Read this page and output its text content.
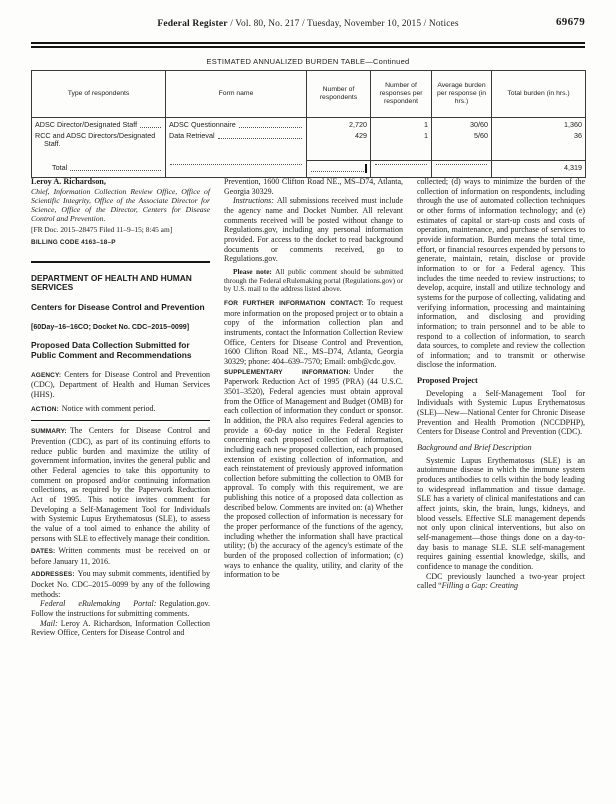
Federal Register / Vol. 80, No. 217 / Tuesday, November 10, 2015 / Notices	69679
ESTIMATED ANNUALIZED BURDEN TABLE—Continued
Type of respondents	Form name	Number of respondents	Number of responses per respondent	Average burden per response (in hrs.)	Total burden (in hrs.)

ADSC Director/Designated Staff	ADSC Questionnaire	2,720	1	30/60	1,360

RCC and ADSC Directors/Designated Staff.	Data Retrieval	429	1	5/60	36

Total					4,319

Leroy A. Richardson,

Chief, Information Collection Review Office, Office of Scientific Integrity, Office of the Associate Director for Science, Office of the Director, Centers for Disease Control and Prevention.

[FR Doc. 2015–28475 Filed 11–9–15; 8:45 am]

BILLING CODE 4163–18–P

DEPARTMENT OF HEALTH AND HUMAN SERVICES

Centers for Disease Control and Prevention

[60Day–16–16CO; Docket No. CDC–2015–0099]

Proposed Data Collection Submitted for Public Comment and Recommendations

AGENCY: Centers for Disease Control and Prevention (CDC), Department of Health and Human Services (HHS).

ACTION: Notice with comment period.

SUMMARY: The Centers for Disease Control and Prevention (CDC), as part of its continuing efforts to reduce public burden and maximize the utility of government information, invites the general public and other Federal agencies to take this opportunity to comment on proposed and/or continuing information collections, as required by the Paperwork Reduction Act of 1995. This notice invites comment for Developing a Self-Management Tool for Individuals with Systemic Lupus Erythematosus (SLE), to assess the value of a tool aimed to enhance the ability of persons with SLE to effectively manage their condition.

DATES: Written comments must be received on or before January 11, 2016.

ADDRESSES: You may submit comments, identified by Docket No. CDC–2015–0099 by any of the following methods:

Federal eRulemaking Portal: Regulation.gov. Follow the instructions for submitting comments.

Mail: Leroy A. Richardson, Information Collection Review Office, Centers for Disease Control and

Prevention, 1600 Clifton Road NE., MS–D74, Atlanta, Georgia 30329.

Instructions: All submissions received must include the agency name and Docket Number. All relevant comments received will be posted without change to Regulations.gov, including any personal information provided. For access to the docket to read background documents or comments received, go to Regulations.gov.

Please note: All public comment should be submitted through the Federal eRulemaking portal (Regulations.gov) or by U.S. mail to the address listed above.

FOR FURTHER INFORMATION CONTACT: To request more information on the proposed project or to obtain a copy of the information collection plan and instruments, contact the Information Collection Review Office, Centers for Disease Control and Prevention, 1600 Clifton Road NE., MS–D74, Atlanta, Georgia 30329; phone: 404–639–7570; Email: omb@cdc.gov.

SUPPLEMENTARY INFORMATION: Under the Paperwork Reduction Act of 1995 (PRA) (44 U.S.C. 3501–3520), Federal agencies must obtain approval from the Office of Management and Budget (OMB) for each collection of information they conduct or sponsor. In addition, the PRA also requires Federal agencies to provide a 60-day notice in the Federal Register concerning each proposed collection of information, including each new proposed collection, each proposed extension of existing collection of information, and each reinstatement of previously approved information collection before submitting the collection to OMB for approval. To comply with this requirement, we are publishing this notice of a proposed data collection as described below. Comments are invited on: (a) Whether the proposed collection of information is necessary for the proper performance of the functions of the agency, including whether the information shall have practical utility; (b) the accuracy of the agency's estimate of the burden of the proposed collection of information; (c) ways to enhance the quality, utility, and clarity of the information to be

collected; (d) ways to minimize the burden of the collection of information on respondents, including through the use of automated collection techniques or other forms of information technology; and (e) estimates of capital or start-up costs and costs of operation, maintenance, and purchase of services to provide information. Burden means the total time, effort, or financial resources expended by persons to generate, maintain, retain, disclose or provide information to or for a Federal agency. This includes the time needed to review instructions; to develop, acquire, install and utilize technology and systems for the purpose of collecting, validating and verifying information, processing and maintaining information, and disclosing and providing information; to train personnel and to be able to respond to a collection of information, to search data sources, to complete and review the collection of information; and to transmit or otherwise disclose the information.

Proposed Project

Developing a Self-Management Tool for Individuals with Systemic Lupus Erythematosus (SLE)—New—National Center for Chronic Disease Prevention and Health Promotion (NCCDPHP), Centers for Disease Control and Prevention (CDC).

Background and Brief Description

Systemic Lupus Erythematosus (SLE) is an autoimmune disease in which the immune system produces antibodies to cells within the body leading to widespread inflammation and tissue damage. SLE has a variety of clinical manifestations and can affect joints, skin, the brain, lungs, kidneys, and blood vessels. Effective SLE management depends not only upon clinical interventions, but also on self-management—those things done on a day-to-day basis to manage SLE. SLE self-management requires gaining essential knowledge, skills, and confidence to manage the condition.

CDC previously launched a two-year project called “Filling a Gap: Creating
